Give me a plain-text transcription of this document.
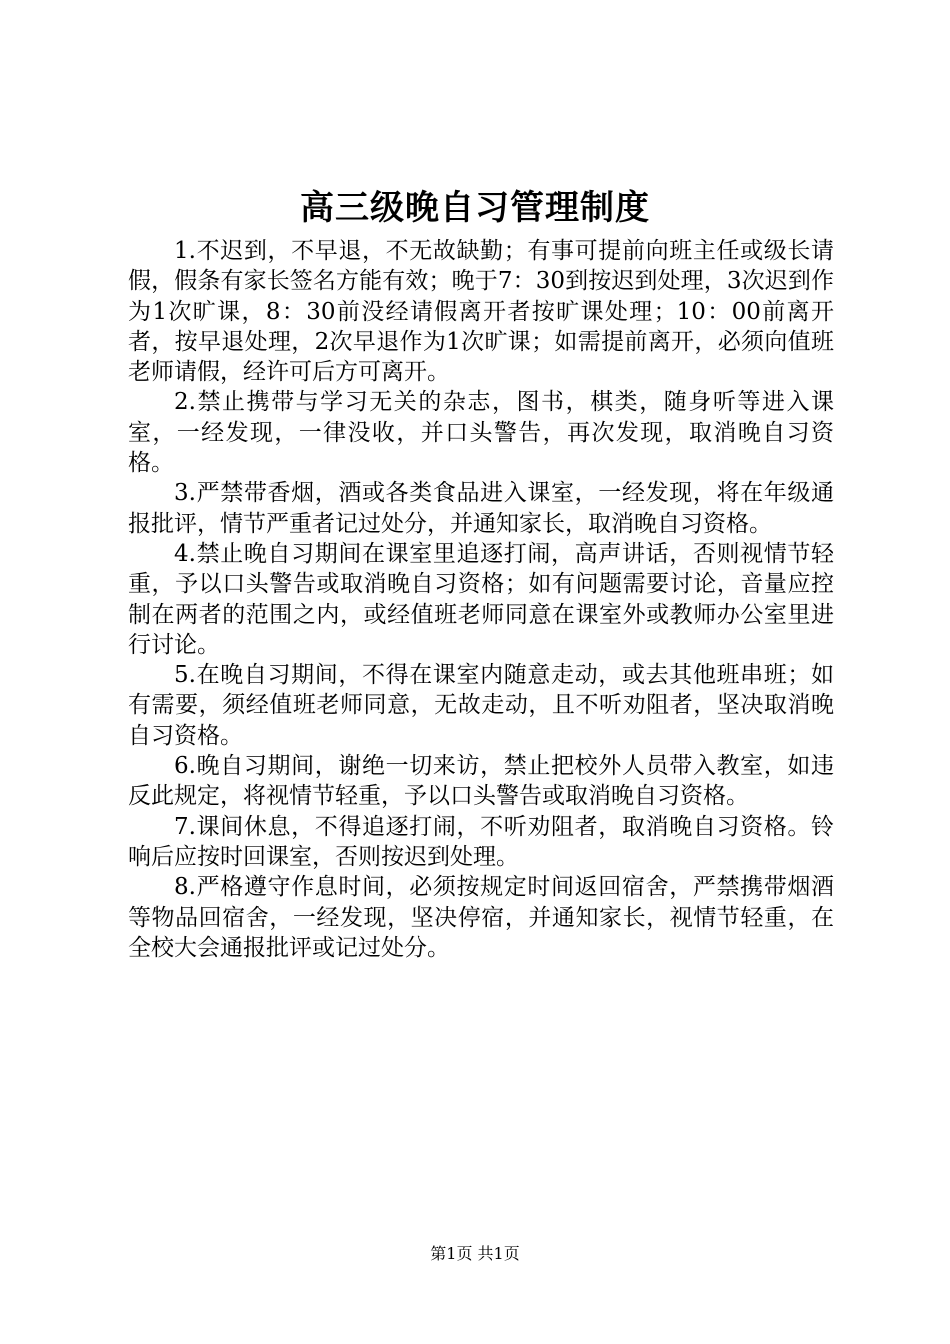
高三级晚自习管理制度

1.不迟到，不早退，不无故缺勤；有事可提前向班主任或级长请假，假条有家长签名方能有效；晚于7：30到按迟到处理，3次迟到作为1次旷课，8：30前没经请假离开者按旷课处理；10：00前离开者，按早退处理，2次早退作为1次旷课；如需提前离开，必须向值班老师请假，经许可后方可离开。

2.禁止携带与学习无关的杂志，图书，棋类，随身听等进入课室，一经发现，一律没收，并口头警告，再次发现，取消晚自习资格。

3.严禁带香烟，酒或各类食品进入课室，一经发现，将在年级通报批评，情节严重者记过处分，并通知家长，取消晚自习资格。

4.禁止晚自习期间在课室里追逐打闹，高声讲话，否则视情节轻重，予以口头警告或取消晚自习资格；如有问题需要讨论，音量应控制在两者的范围之内，或经值班老师同意在课室外或教师办公室里进行讨论。

5.在晚自习期间，不得在课室内随意走动，或去其他班串班；如有需要，须经值班老师同意，无故走动，且不听劝阻者，坚决取消晚自习资格。

6.晚自习期间，谢绝一切来访，禁止把校外人员带入教室，如违反此规定，将视情节轻重，予以口头警告或取消晚自习资格。

7.课间休息，不得追逐打闹，不听劝阻者，取消晚自习资格。铃响后应按时回课室，否则按迟到处理。

8.严格遵守作息时间，必须按规定时间返回宿舍，严禁携带烟酒等物品回宿舍，一经发现，坚决停宿，并通知家长，视情节轻重，在全校大会通报批评或记过处分。

第1页 共1页
